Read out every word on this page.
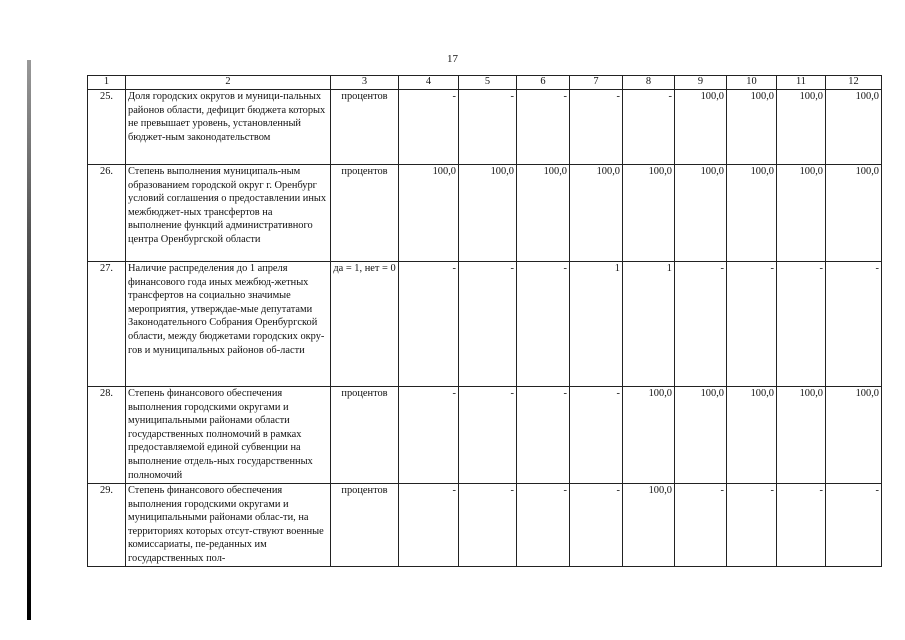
17
1	2	3	4	5	6	7	8	9	10	11	12
25.	Доля городских округов и муници-пальных районов области, дефицит бюджета которых не превышает уровень, установленный бюджет-ным законодательством	процентов	-	-	-	-	-	100,0	100,0	100,0	100,0
26.	Степень выполнения муниципаль-ным образованием городской округ г. Оренбург условий соглашения о предоставлении иных межбюджет-ных трансфертов на выполнение функций административного центра Оренбургской области	процентов	100,0	100,0	100,0	100,0	100,0	100,0	100,0	100,0	100,0
27.	Наличие распределения до 1 апреля финансового года иных межбюд-жетных трансфертов на социально значимые мероприятия, утверждае-мые депутатами Законодательного Собрания Оренбургской области, между бюджетами городских окру-гов и муниципальных районов об-ласти	да = 1, нет = 0	-	-	-	1	1	-	-	-	-
28.	Степень финансового обеспечения выполнения городскими округами и муниципальными районами области государственных полномочий в рамках предоставляемой единой субвенции на выполнение отдель-ных государственных полномочий	процентов	-	-	-	-	100,0	100,0	100,0	100,0	100,0
29.	Степень финансового обеспечения выполнения городскими округами и муниципальными районами облас-ти, на территориях которых отсут-ствуют военные комиссариаты, пе-реданных им государственных пол-	процентов	-	-	-	-	100,0	-	-	-	-
